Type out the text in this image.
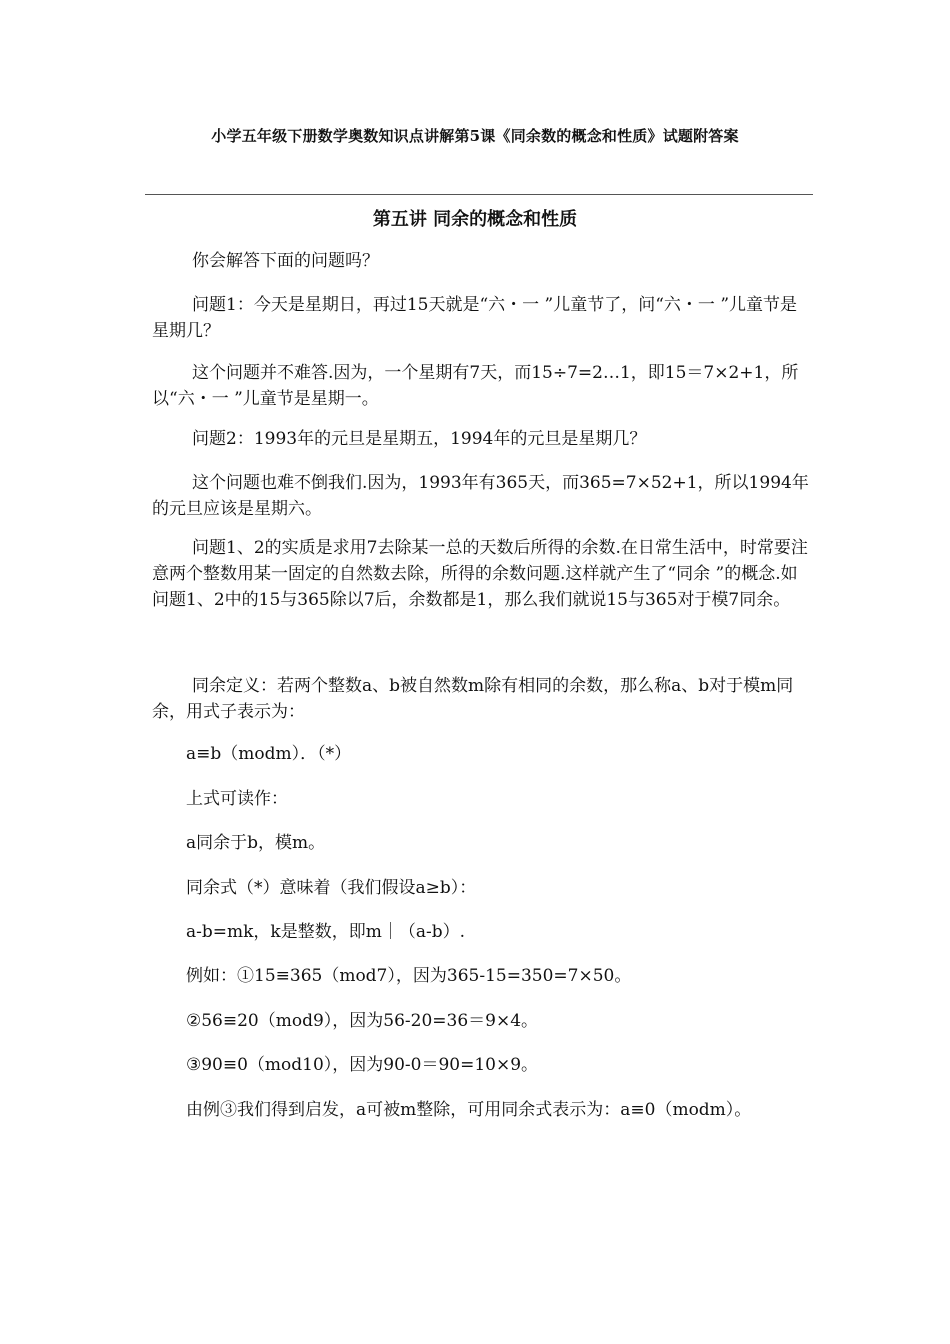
小学五年级下册数学奥数知识点讲解第5课《同余数的概念和性质》试题附答案
第五讲 同余的概念和性质
你会解答下面的问题吗？
问题1：今天是星期日，再过15天就是“六・一 ”儿童节了，问“六・一 ”儿童节是星期几？
这个问题并不难答.因为，一个星期有7天，而15÷7=2…1，即15＝7×2+1，所以“六・一 ”儿童节是星期一。
问题2：1993年的元旦是星期五，1994年的元旦是星期几？
这个问题也难不倒我们.因为，1993年有365天，而365=7×52+1，所以1994年的元旦应该是星期六。
问题1、2的实质是求用7去除某一总的天数后所得的余数.在日常生活中，时常要注意两个整数用某一固定的自然数去除，所得的余数问题.这样就产生了“同余 ”的概念.如问题1、2中的15与365除以7后，余数都是1，那么我们就说15与365对于模7同余。
同余定义：若两个整数a、b被自然数m除有相同的余数，那么称a、b对于模m同余，用式子表示为：
a≡b（modm）．（*）
上式可读作：
a同余于b，模m。
同余式（*）意味着（我们假设a≥b）：
a-b=mk，k是整数，即m｜（a-b）.
例如：①15≡365（mod7），因为365-15=350=7×50。
②56≡20（mod9），因为56-20=36＝9×4。
③90≡0（mod10），因为90-0＝90=10×9。
由例③我们得到启发，a可被m整除，可用同余式表示为：a≡0（modm）。
